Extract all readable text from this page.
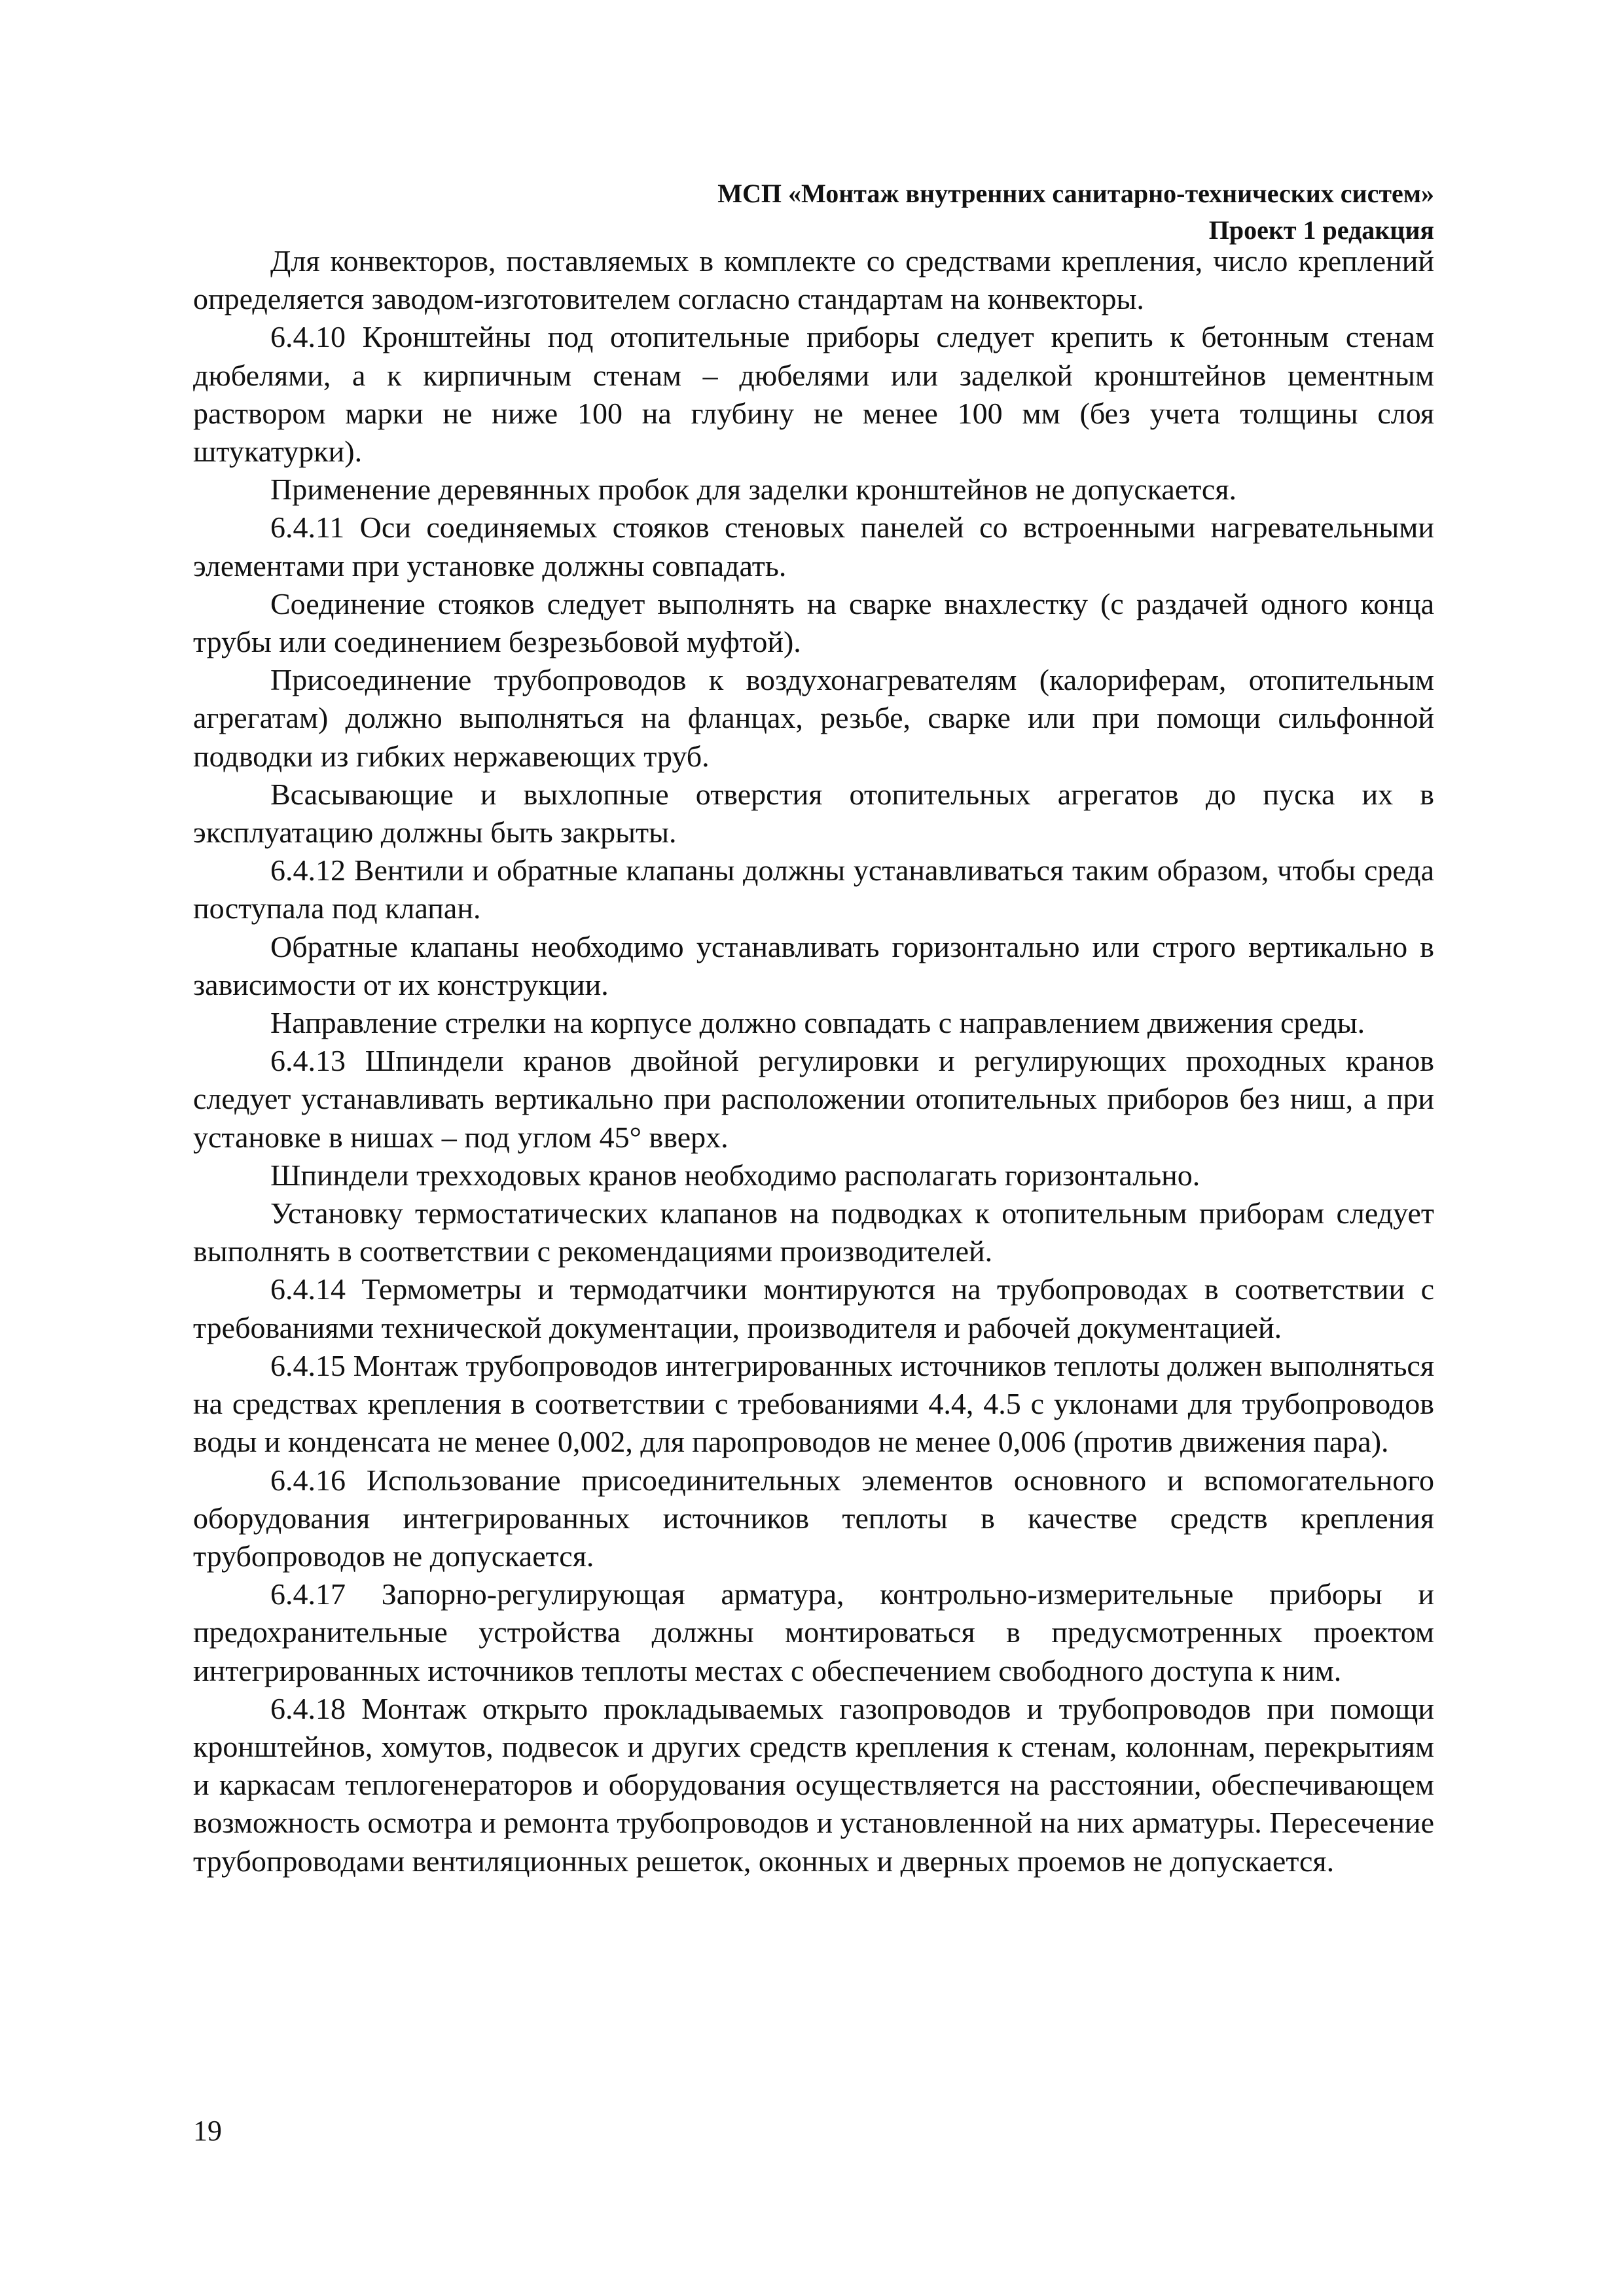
МСП «Монтаж внутренних санитарно-технических систем»
Проект 1 редакция

Для конвекторов, поставляемых в комплекте со средствами крепления, число креплений определяется заводом-изготовителем согласно стандартам на конвекторы.

6.4.10 Кронштейны под отопительные приборы следует крепить к бетонным стенам дюбелями, а к кирпичным стенам – дюбелями или заделкой кронштейнов цементным раствором марки не ниже 100 на глубину не менее 100 мм (без учета толщины слоя штукатурки).

Применение деревянных пробок для заделки кронштейнов не допускается.

6.4.11 Оси соединяемых стояков стеновых панелей со встроенными нагревательными элементами при установке должны совпадать.

Соединение стояков следует выполнять на сварке внахлестку (с раздачей одного конца трубы или соединением безрезьбовой муфтой).

Присоединение трубопроводов к воздухонагревателям (калориферам, отопительным агрегатам) должно выполняться на фланцах, резьбе, сварке или при помощи сильфонной подводки из гибких нержавеющих труб.

Всасывающие и выхлопные отверстия отопительных агрегатов до пуска их в эксплуатацию должны быть закрыты.

6.4.12 Вентили и обратные клапаны должны устанавливаться таким образом, чтобы среда поступала под клапан.

Обратные клапаны необходимо устанавливать горизонтально или строго вертикально в зависимости от их конструкции.

Направление стрелки на корпусе должно совпадать с направлением движения среды.

6.4.13 Шпиндели кранов двойной регулировки и регулирующих проходных кранов следует устанавливать вертикально при расположении отопительных приборов без ниш, а при установке в нишах – под углом 45° вверх.

Шпиндели трехходовых кранов необходимо располагать горизонтально.

Установку термостатических клапанов на подводках к отопительным приборам следует выполнять в соответствии с рекомендациями производителей.

6.4.14 Термометры и термодатчики монтируются на трубопроводах в соответствии с требованиями технической документации, производителя и рабочей документацией.

6.4.15 Монтаж трубопроводов интегрированных источников теплоты должен выполняться на средствах крепления в соответствии с требованиями 4.4, 4.5 с уклонами для трубопроводов воды и конденсата не менее 0,002, для паропроводов не менее 0,006 (против движения пара).

6.4.16 Использование присоединительных элементов основного и вспомогательного оборудования интегрированных источников теплоты в качестве средств крепления трубопроводов не допускается.

6.4.17 Запорно-регулирующая арматура, контрольно-измерительные приборы и предохранительные устройства должны монтироваться в предусмотренных проектом интегрированных источников теплоты местах с обеспечением свободного доступа к ним.

6.4.18 Монтаж открыто прокладываемых газопроводов и трубопроводов при помощи кронштейнов, хомутов, подвесок и других средств крепления к стенам, колоннам, перекрытиям и каркасам теплогенераторов и оборудования осуществляется на расстоянии, обеспечивающем возможность осмотра и ремонта трубопроводов и установленной на них арматуры. Пересечение трубопроводами вентиляционных решеток, оконных и дверных проемов не допускается.

19
